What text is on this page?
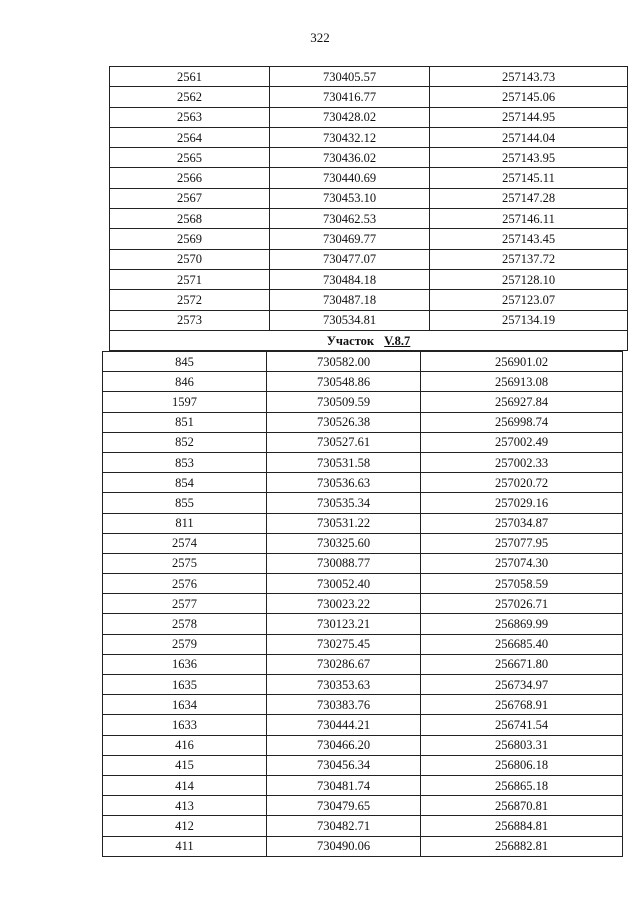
322
2561	730405.57	257143.73
2562	730416.77	257145.06
2563	730428.02	257144.95
2564	730432.12	257144.04
2565	730436.02	257143.95
2566	730440.69	257145.11
2567	730453.10	257147.28
2568	730462.53	257146.11
2569	730469.77	257143.45
2570	730477.07	257137.72
2571	730484.18	257128.10
2572	730487.18	257123.07
2573	730534.81	257134.19
Участок V.8.7		
845	730582.00	256901.02
846	730548.86	256913.08
1597	730509.59	256927.84
851	730526.38	256998.74
852	730527.61	257002.49
853	730531.58	257002.33
854	730536.63	257020.72
855	730535.34	257029.16
811	730531.22	257034.87
2574	730325.60	257077.95
2575	730088.77	257074.30
2576	730052.40	257058.59
2577	730023.22	257026.71
2578	730123.21	256869.99
2579	730275.45	256685.40
1636	730286.67	256671.80
1635	730353.63	256734.97
1634	730383.76	256768.91
1633	730444.21	256741.54
416	730466.20	256803.31
415	730456.34	256806.18
414	730481.74	256865.18
413	730479.65	256870.81
412	730482.71	256884.81
411	730490.06	256882.81
